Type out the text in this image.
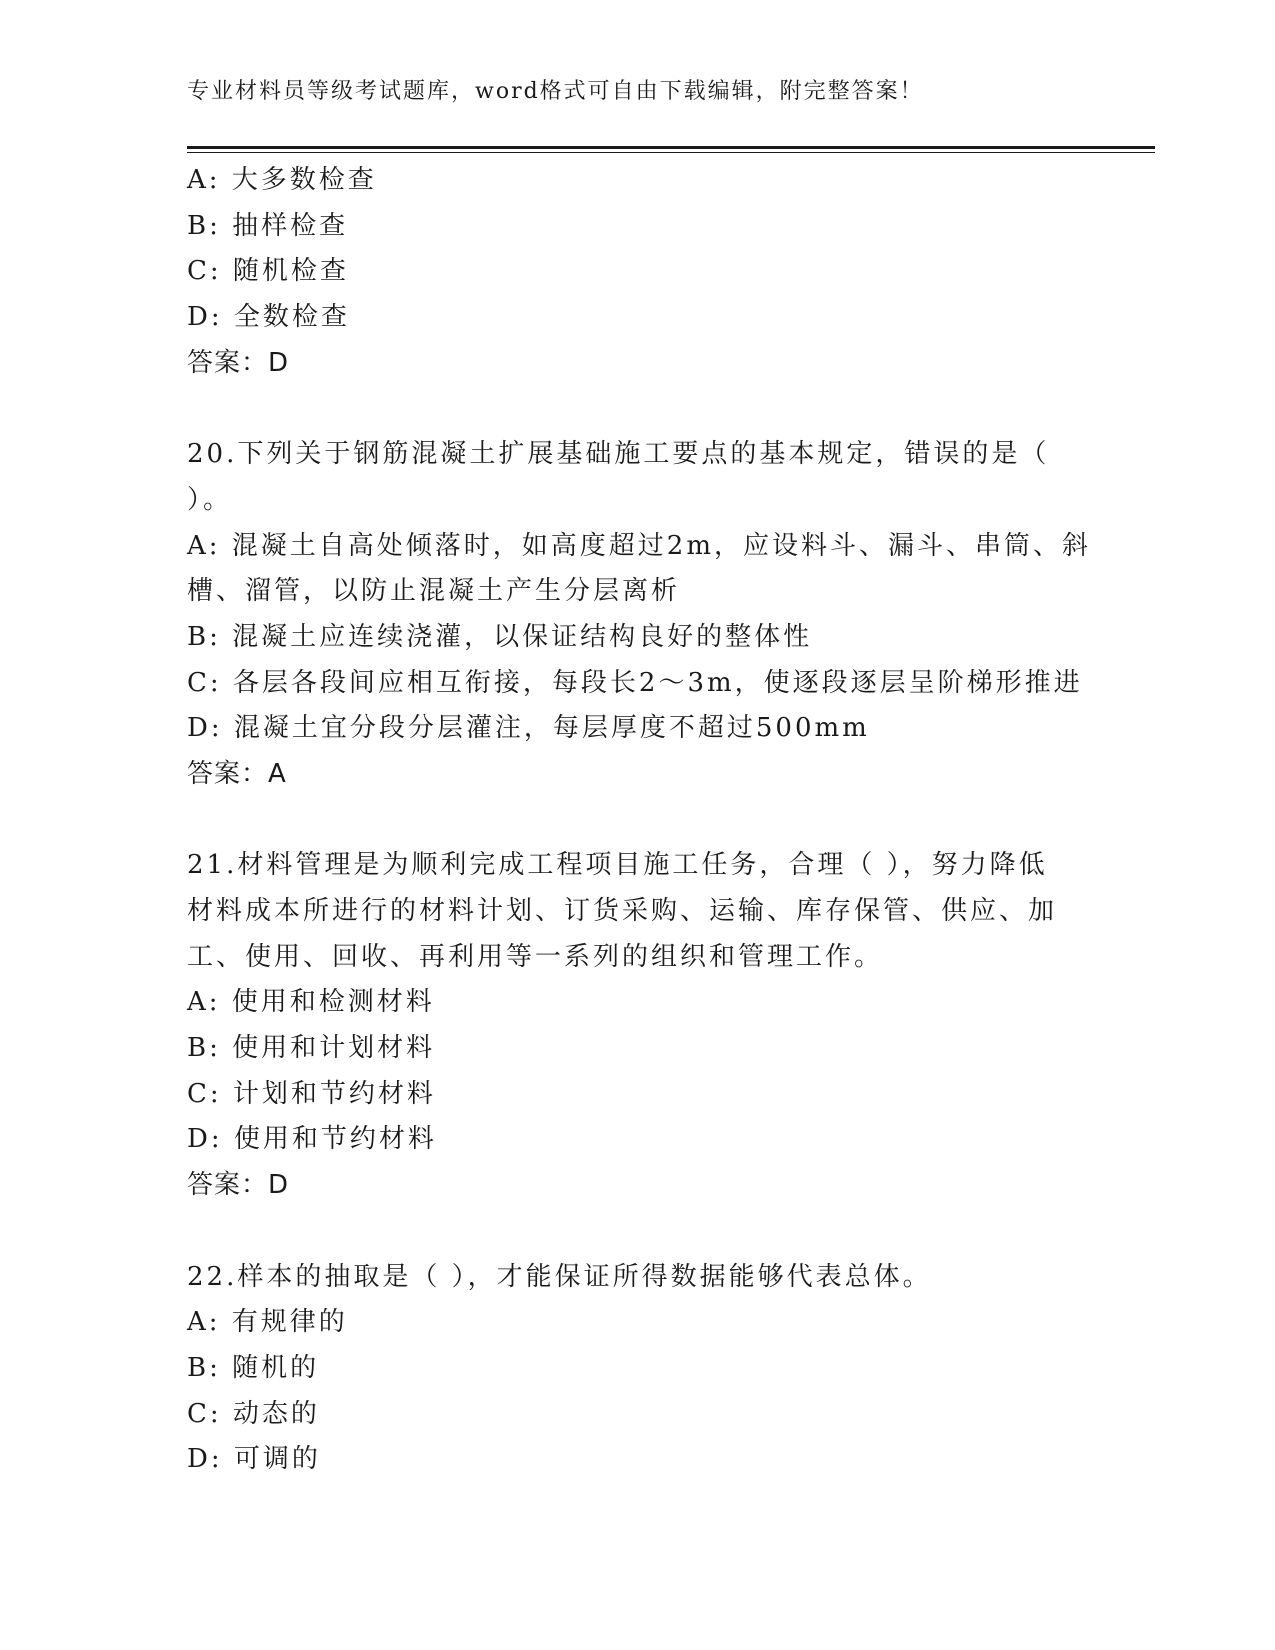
专业材料员等级考试题库，word格式可自由下载编辑，附完整答案！
A: 大多数检查
B: 抽样检查
C: 随机检查
D: 全数检查
答案：D
20.下列关于钢筋混凝土扩展基础施工要点的基本规定，错误的是（
）。
A: 混凝土自高处倾落时，如高度超过2m，应设料斗、漏斗、串筒、斜
槽、溜管，以防止混凝土产生分层离析
B: 混凝土应连续浇灌，以保证结构良好的整体性
C: 各层各段间应相互衔接，每段长2～3m，使逐段逐层呈阶梯形推进
D: 混凝土宜分段分层灌注，每层厚度不超过500mm
答案：A
21.材料管理是为顺利完成工程项目施工任务，合理（ ），努力降低
材料成本所进行的材料计划、订货采购、运输、库存保管、供应、加
工、使用、回收、再利用等一系列的组织和管理工作。
A: 使用和检测材料
B: 使用和计划材料
C: 计划和节约材料
D: 使用和节约材料
答案：D
22.样本的抽取是（ ），才能保证所得数据能够代表总体。
A: 有规律的
B: 随机的
C: 动态的
D: 可调的
